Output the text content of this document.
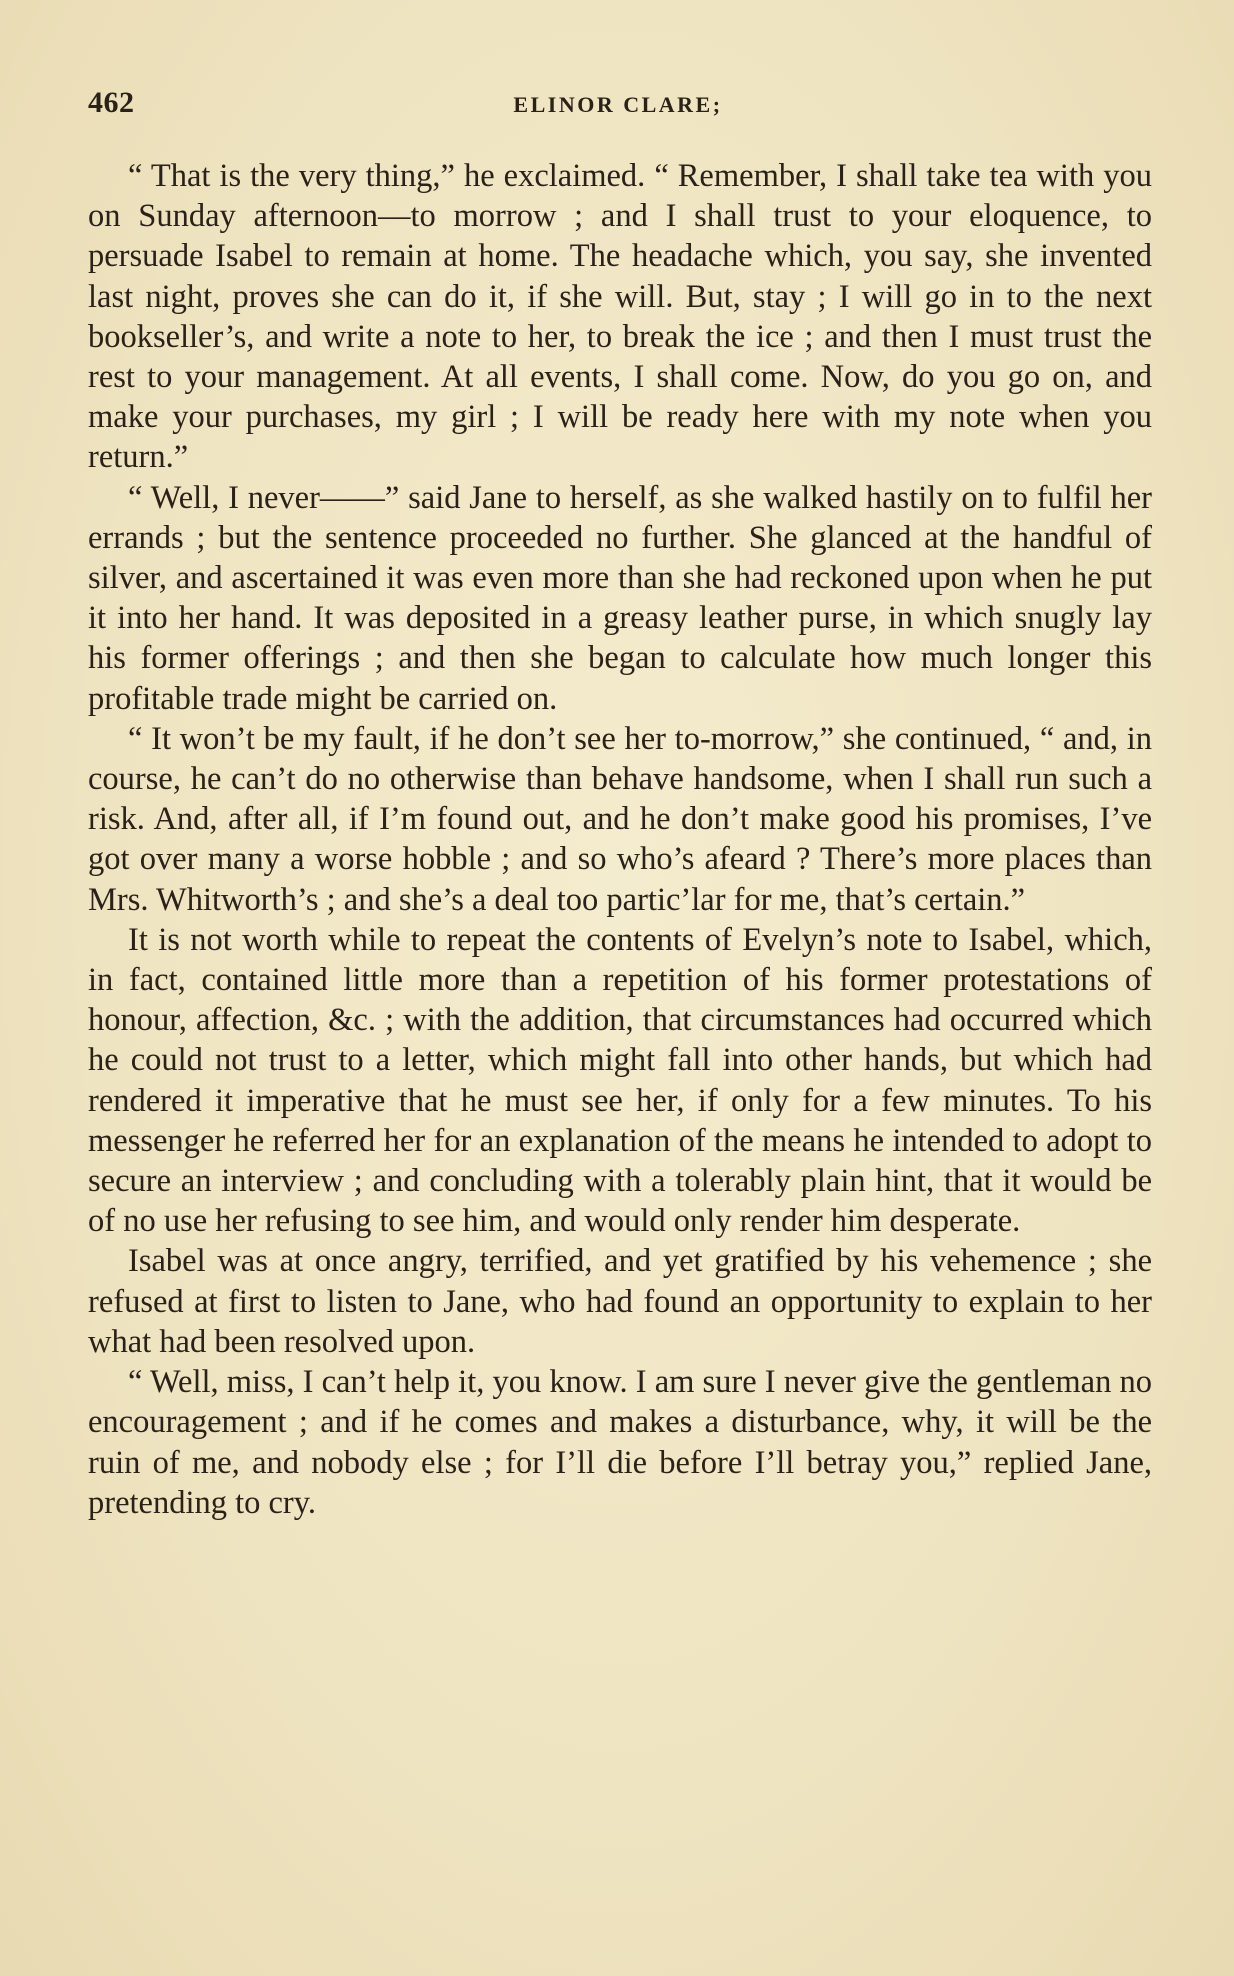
462	ELINOR CLARE;

“ That is the very thing,” he exclaimed. “ Remember, I shall take tea with you on Sunday afternoon—to morrow ; and I shall trust to your eloquence, to persuade Isabel to remain at home. The headache which, you say, she invented last night, proves she can do it, if she will. But, stay ; I will go in to the next bookseller’s, and write a note to her, to break the ice ; and then I must trust the rest to your management. At all events, I shall come. Now, do you go on, and make your purchases, my girl ; I will be ready here with my note when you return.”

“ Well, I never——” said Jane to herself, as she walked hastily on to fulfil her errands ; but the sentence proceeded no further. She glanced at the handful of silver, and ascertained it was even more than she had reckoned upon when he put it into her hand. It was deposited in a greasy leather purse, in which snugly lay his former offerings ; and then she began to calculate how much longer this profitable trade might be carried on.

“ It won’t be my fault, if he don’t see her to-morrow,” she continued, “ and, in course, he can’t do no otherwise than behave handsome, when I shall run such a risk. And, after all, if I’m found out, and he don’t make good his promises, I’ve got over many a worse hobble ; and so who’s afeard ? There’s more places than Mrs. Whitworth’s ; and she’s a deal too partic’lar for me, that’s certain.”

It is not worth while to repeat the contents of Evelyn’s note to Isabel, which, in fact, contained little more than a repetition of his former protestations of honour, affection, &c. ; with the addition, that circumstances had occurred which he could not trust to a letter, which might fall into other hands, but which had rendered it imperative that he must see her, if only for a few minutes. To his messenger he referred her for an explanation of the means he intended to adopt to secure an interview ; and concluding with a tolerably plain hint, that it would be of no use her refusing to see him, and would only render him desperate.

Isabel was at once angry, terrified, and yet gratified by his vehemence ; she refused at first to listen to Jane, who had found an opportunity to explain to her what had been resolved upon.

“ Well, miss, I can’t help it, you know. I am sure I never give the gentleman no encouragement ; and if he comes and makes a disturbance, why, it will be the ruin of me, and nobody else ; for I’ll die before I’ll betray you,” replied Jane, pretending to cry.
